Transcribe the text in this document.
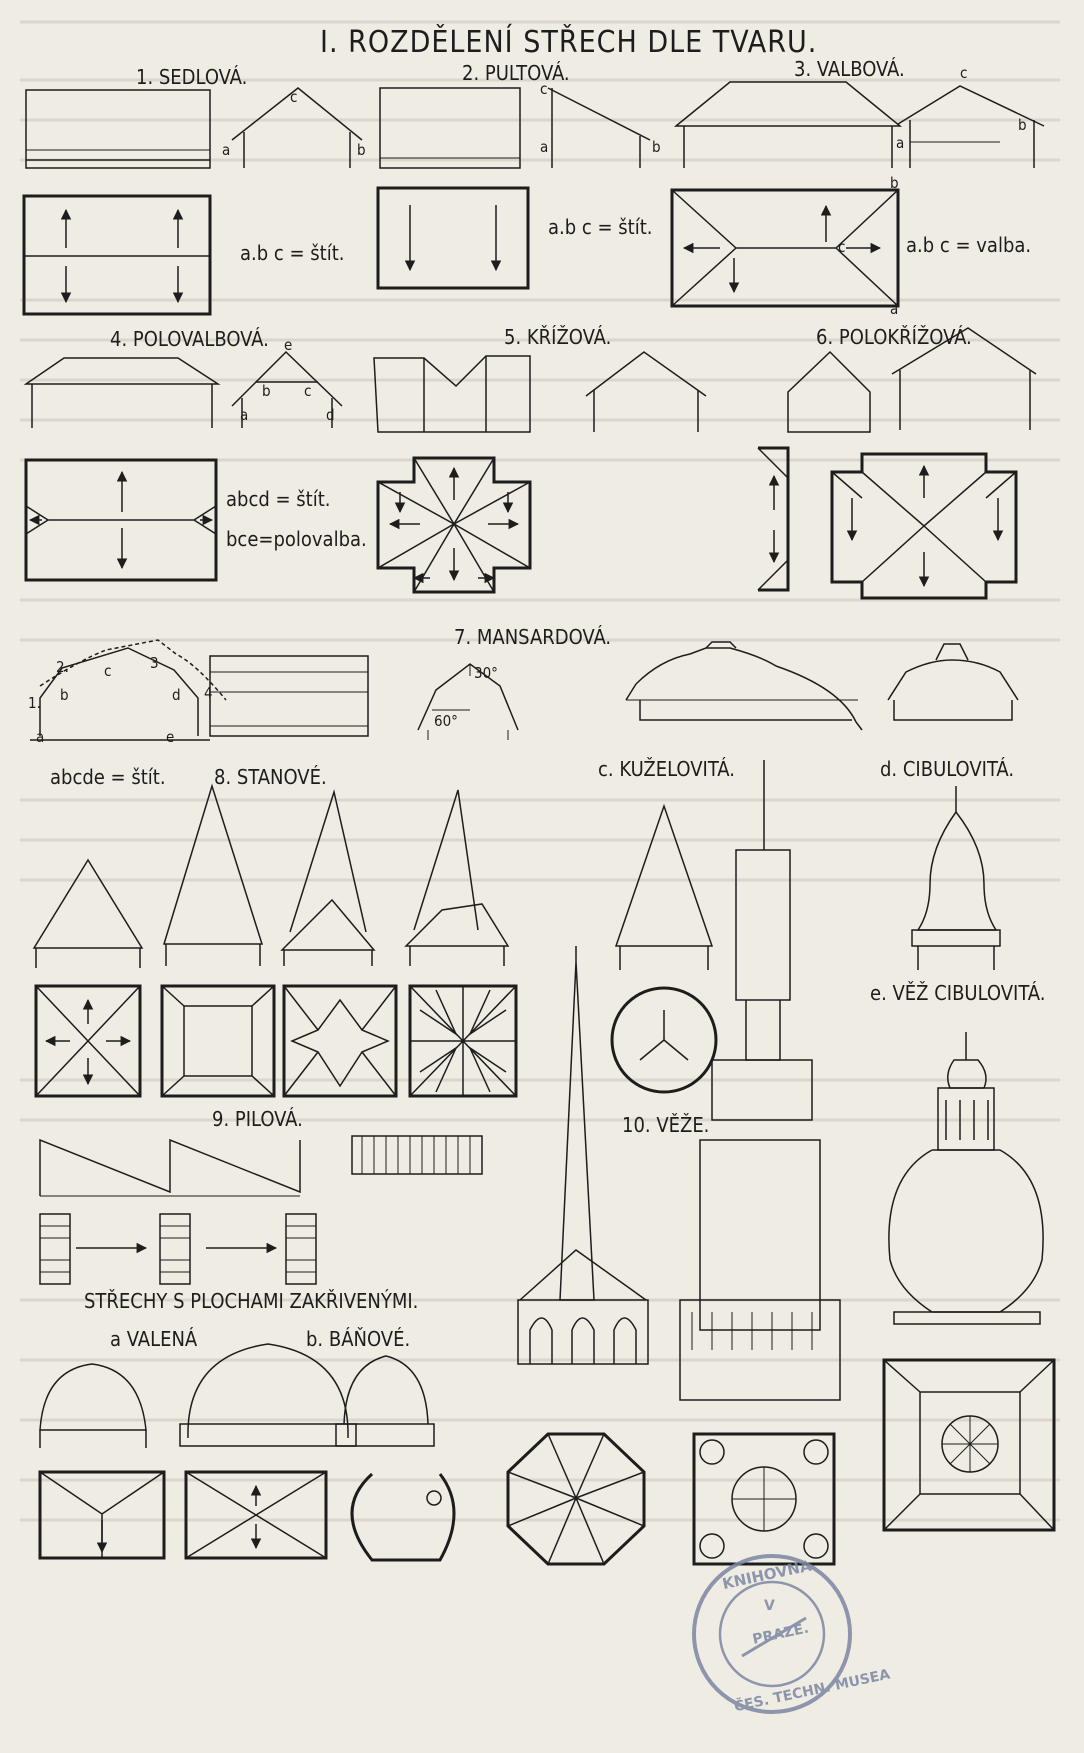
I. ROZDĚLENÍ STŘECH DLE TVARU.
1. SEDLOVÁ.
a
c
b
a.b c = štít.
2. PULTOVÁ.
c
a	b
a.b c = štít.
3. VALBOVÁ.	c
a
b
b
c
a
a.b c = valba.
4. POLOVALBOVÁ. e
b c
a	d
abcd = štít.
bce=polovalba.
5. KŘÍŽOVÁ.	6. POLOKŘÍŽOVÁ.
7. MANSARDOVÁ.
2. c	3
1. b	d 4
a	e
abcde = štít.
30°
60°
c. KUŽELOVITÁ.	d. CIBULOVITÁ.
8. STANOVÉ.
e. VĚŽ CIBULOVITÁ.
9. PILOVÁ.	10. VĚŽE.
STŘECHY S PLOCHAMI ZAKŘIVENÝMI.
a VALENÁ	b. BÁŇOVÉ.
KNIHOVNA
ČES. TECHN. MUSEA
V
PRAZE.
